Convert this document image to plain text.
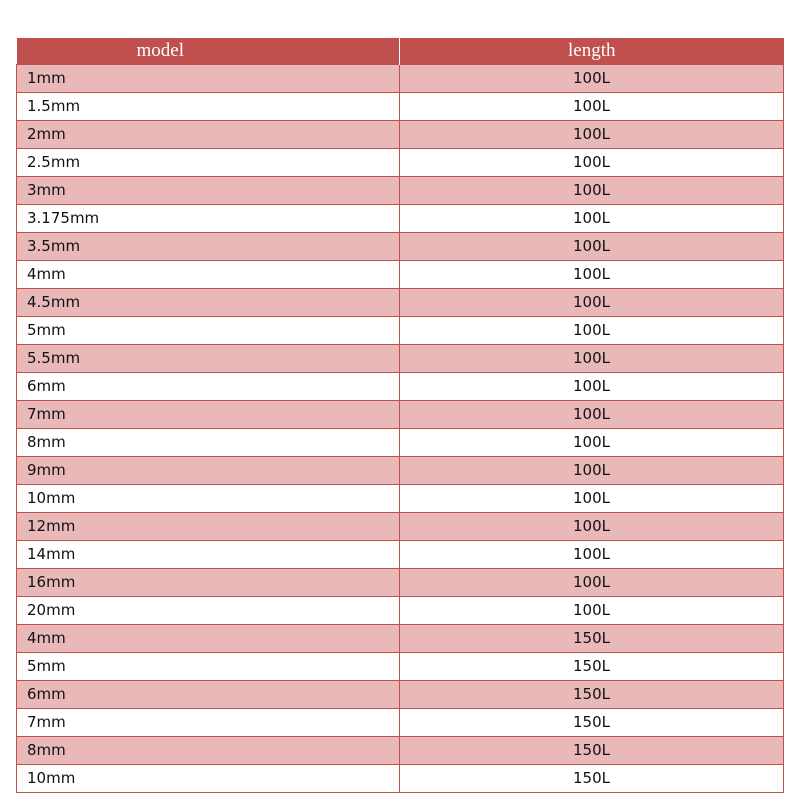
model	length
1mm	100L
1.5mm	100L
2mm	100L
2.5mm	100L
3mm	100L
3.175mm	100L
3.5mm	100L
4mm	100L
4.5mm	100L
5mm	100L
5.5mm	100L
6mm	100L
7mm	100L
8mm	100L
9mm	100L
10mm	100L
12mm	100L
14mm	100L
16mm	100L
20mm	100L
4mm	150L
5mm	150L
6mm	150L
7mm	150L
8mm	150L
10mm	150L
